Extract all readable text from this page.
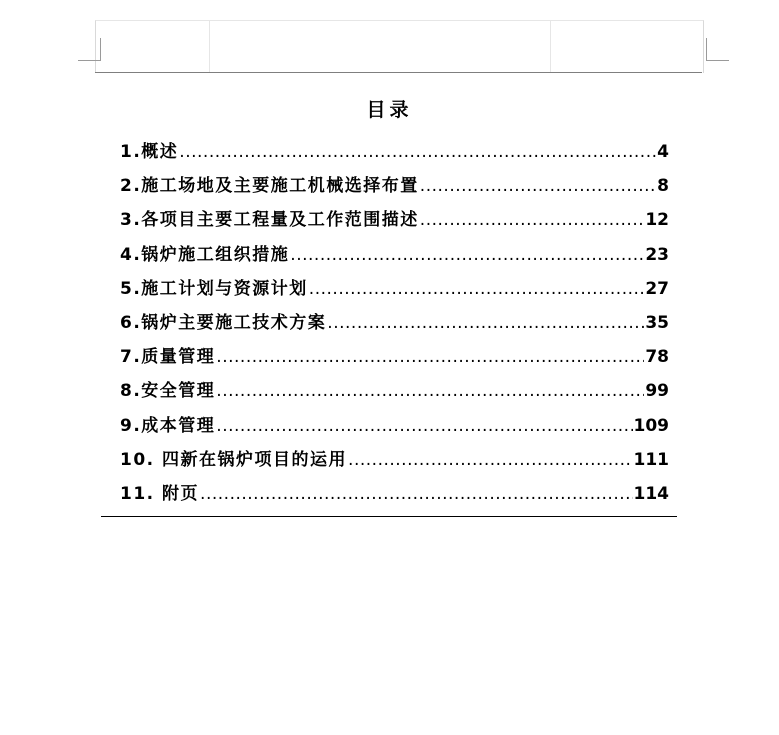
目录
1.概述 .....	4
2.施工场地及主要施工机械选择布置 .....	8
3.各项目主要工程量及工作范围描述 .....	12
4.锅炉施工组织措施 .....	23
5.施工计划与资源计划 .....	27
6.锅炉主要施工技术方案 .....	35
7.质量管理 .....	78
8.安全管理 .....	99
9.成本管理 .....	109
10. 四新在锅炉项目的运用 .....	111
11. 附页 .....	114
